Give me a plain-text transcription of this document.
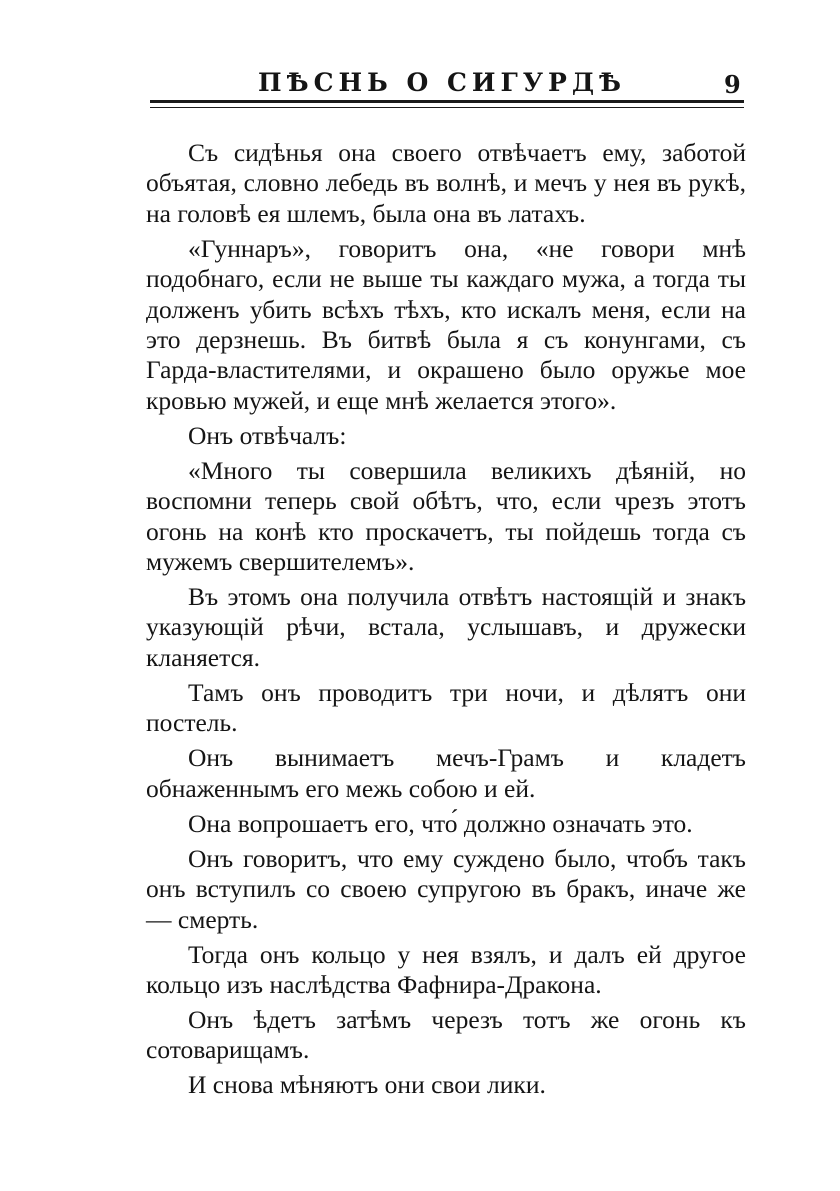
ПѢСНЬ О СИГУРДѢ	9

Съ сидѣнья она своего отвѣчаетъ ему, заботой объятая, словно лебедь въ волнѣ, и мечъ у нея въ рукѣ, на головѣ ея шлемъ, была она въ латахъ.

«Гуннаръ», говоритъ она, «не говори мнѣ подобнаго, если не выше ты каждаго мужа, а тогда ты долженъ убить всѣхъ тѣхъ, кто искалъ меня, если на это дерзнешь. Въ битвѣ была я съ конунгами, съ Гарда-властителями, и окрашено было оружье мое кровью мужей, и еще мнѣ желается этого».

Онъ отвѣчалъ:

«Много ты совершила великихъ дѣяній, но воспомни теперь свой обѣтъ, что, если чрезъ этотъ огонь на конѣ кто проскачетъ, ты пойдешь тогда съ мужемъ свершителемъ».

Въ этомъ она получила отвѣтъ настоящій и знакъ указующій рѣчи, встала, услышавъ, и дружески кланяется.

Тамъ онъ проводитъ три ночи, и дѣлятъ они постель.

Онъ вынимаетъ мечъ-Грамъ и кладетъ обнаженнымъ его межь собою и ей.

Она вопрошаетъ его, что́ должно означать это.

Онъ говоритъ, что ему суждено было, чтобъ такъ онъ вступилъ со своею супругою въ бракъ, иначе же — смерть.

Тогда онъ кольцо у нея взялъ, и далъ ей другое кольцо изъ наслѣдства Фафнира-Дракона.

Онъ ѣдетъ затѣмъ черезъ тотъ же огонь къ сотоварищамъ.

И снова мѣняютъ они свои лики.
